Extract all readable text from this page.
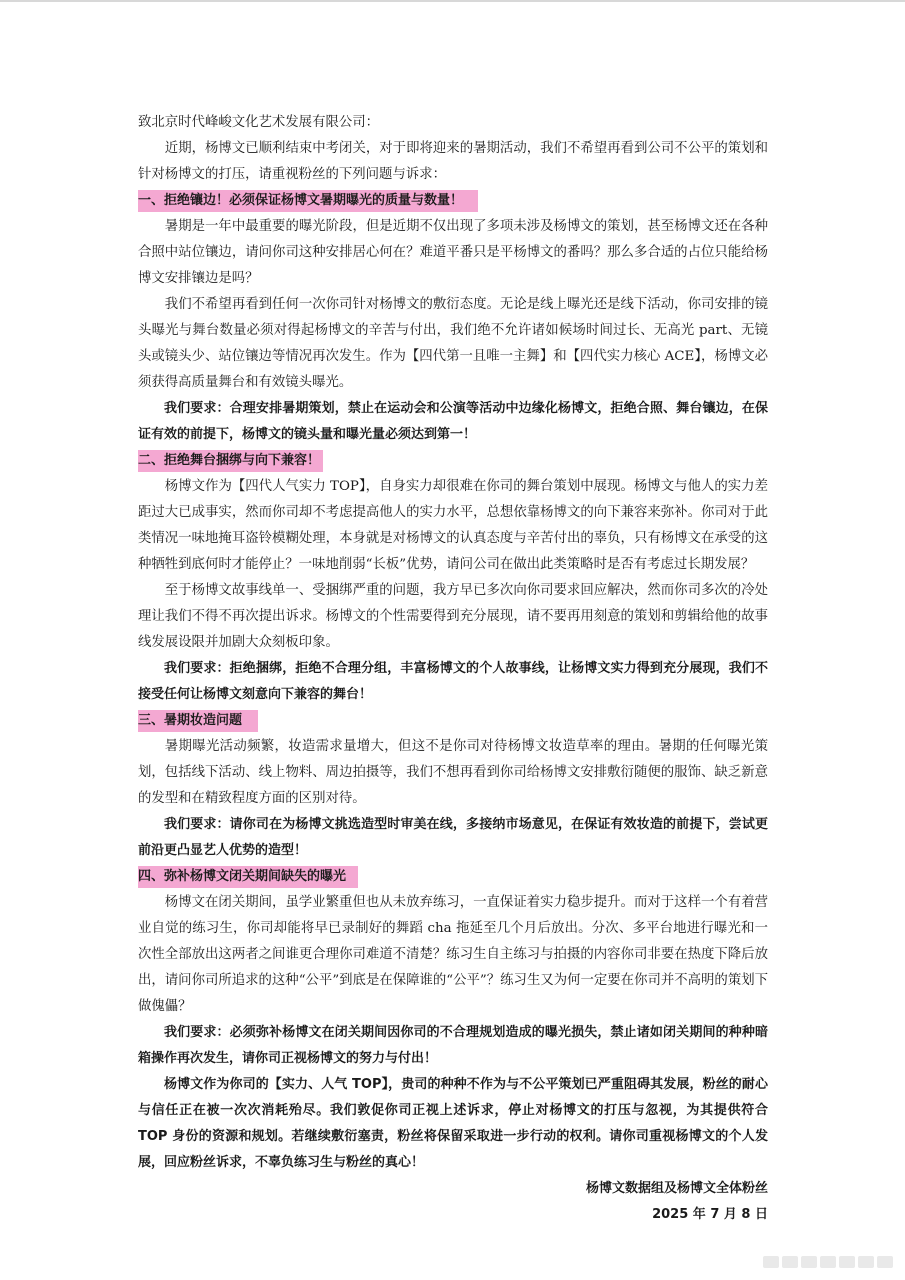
致北京时代峰峻文化艺术发展有限公司：

近期，杨博文已顺利结束中考闭关，对于即将迎来的暑期活动，我们不希望再看到公司不公平的策划和针对杨博文的打压，请重视粉丝的下列问题与诉求：

一、拒绝镶边！必须保证杨博文暑期曝光的质量与数量！

暑期是一年中最重要的曝光阶段，但是近期不仅出现了多项未涉及杨博文的策划，甚至杨博文还在各种合照中站位镶边，请问你司这种安排居心何在？难道平番只是平杨博文的番吗？那么多合适的占位只能给杨博文安排镶边是吗？

我们不希望再看到任何一次你司针对杨博文的敷衍态度。无论是线上曝光还是线下活动，你司安排的镜头曝光与舞台数量必须对得起杨博文的辛苦与付出，我们绝不允许诸如候场时间过长、无高光 part、无镜头或镜头少、站位镶边等情况再次发生。作为【四代第一且唯一主舞】和【四代实力核心 ACE】，杨博文必须获得高质量舞台和有效镜头曝光。

我们要求：合理安排暑期策划，禁止在运动会和公演等活动中边缘化杨博文，拒绝合照、舞台镶边，在保证有效的前提下，杨博文的镜头量和曝光量必须达到第一！

二、拒绝舞台捆绑与向下兼容！

杨博文作为【四代人气实力 TOP】，自身实力却很难在你司的舞台策划中展现。杨博文与他人的实力差距过大已成事实，然而你司却不考虑提高他人的实力水平，总想依靠杨博文的向下兼容来弥补。你司对于此类情况一味地掩耳盗铃模糊处理，本身就是对杨博文的认真态度与辛苦付出的辜负，只有杨博文在承受的这种牺牲到底何时才能停止？一味地削弱“长板”优势，请问公司在做出此类策略时是否有考虑过长期发展？

至于杨博文故事线单一、受捆绑严重的问题，我方早已多次向你司要求回应解决，然而你司多次的冷处理让我们不得不再次提出诉求。杨博文的个性需要得到充分展现，请不要再用刻意的策划和剪辑给他的故事线发展设限并加剧大众刻板印象。

我们要求：拒绝捆绑，拒绝不合理分组，丰富杨博文的个人故事线，让杨博文实力得到充分展现，我们不接受任何让杨博文刻意向下兼容的舞台！

三、暑期妆造问题

暑期曝光活动频繁，妆造需求量增大，但这不是你司对待杨博文妆造草率的理由。暑期的任何曝光策划，包括线下活动、线上物料、周边拍摄等，我们不想再看到你司给杨博文安排敷衍随便的服饰、缺乏新意的发型和在精致程度方面的区别对待。

我们要求：请你司在为杨博文挑选造型时审美在线，多接纳市场意见，在保证有效妆造的前提下，尝试更前沿更凸显艺人优势的造型！

四、弥补杨博文闭关期间缺失的曝光

杨博文在闭关期间，虽学业繁重但也从未放弃练习，一直保证着实力稳步提升。而对于这样一个有着营业自觉的练习生，你司却能将早已录制好的舞蹈 cha 拖延至几个月后放出。分次、多平台地进行曝光和一次性全部放出这两者之间谁更合理你司难道不清楚？练习生自主练习与拍摄的内容你司非要在热度下降后放出，请问你司所追求的这种“公平”到底是在保障谁的“公平”？练习生又为何一定要在你司并不高明的策划下做傀儡？

我们要求：必须弥补杨博文在闭关期间因你司的不合理规划造成的曝光损失，禁止诸如闭关期间的种种暗箱操作再次发生，请你司正视杨博文的努力与付出！

杨博文作为你司的【实力、人气 TOP】，贵司的种种不作为与不公平策划已严重阻碍其发展，粉丝的耐心与信任正在被一次次消耗殆尽。我们敦促你司正视上述诉求，停止对杨博文的打压与忽视，为其提供符合 TOP 身份的资源和规划。若继续敷衍塞责，粉丝将保留采取进一步行动的权利。请你司重视杨博文的个人发展，回应粉丝诉求，不辜负练习生与粉丝的真心！

杨博文数据组及杨博文全体粉丝

2025 年 7 月 8 日
